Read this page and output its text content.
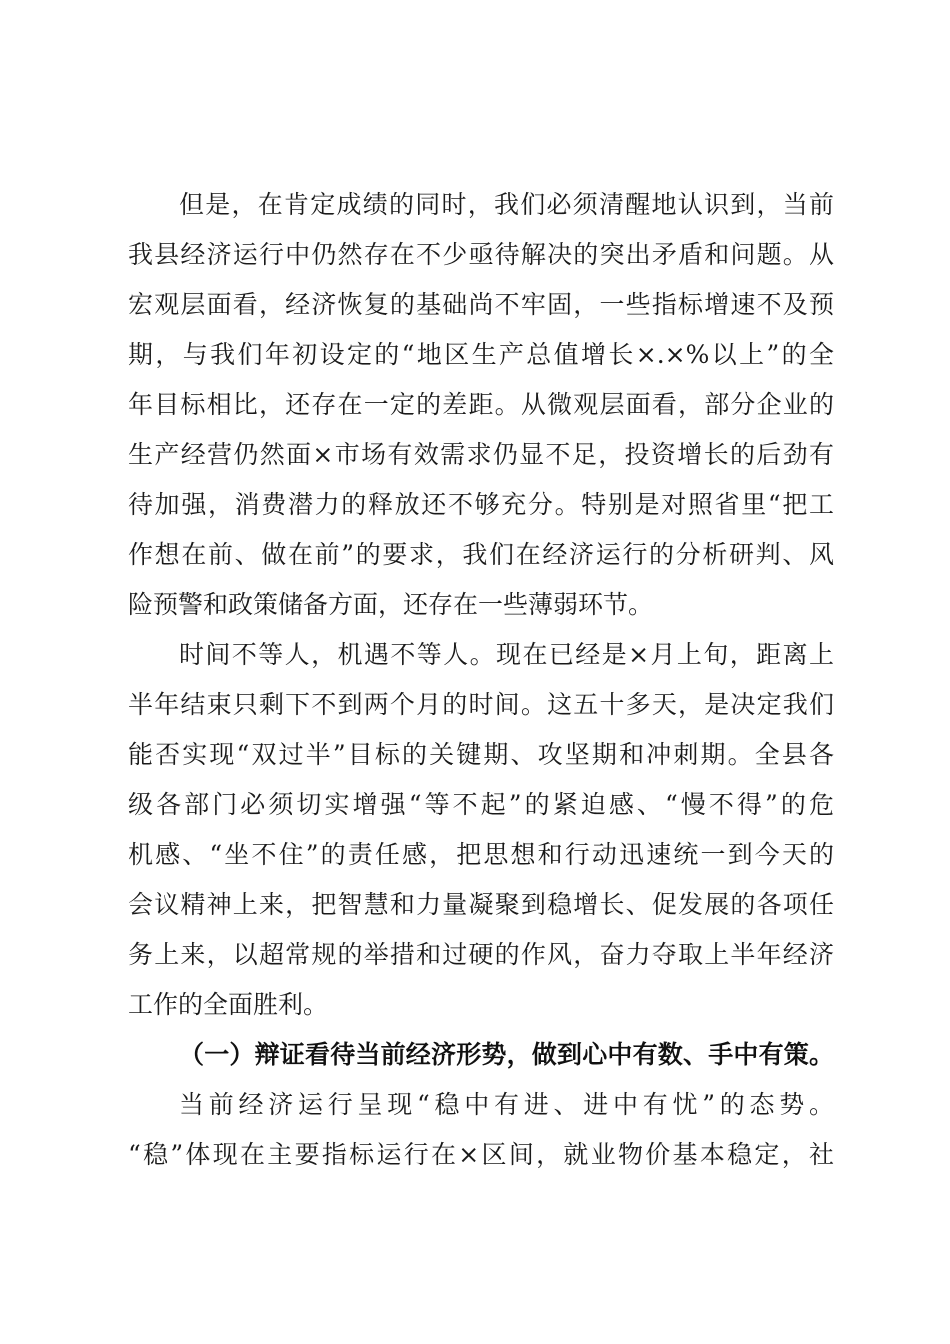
但是，在肯定成绩的同时，我们必须清醒地认识到，当前
我县经济运行中仍然存在不少亟待解决的突出矛盾和问题。从
宏观层面看，经济恢复的基础尚不牢固，一些指标增速不及预
期，与我们年初设定的“地区生产总值增长×.×%以上”的全
年目标相比，还存在一定的差距。从微观层面看，部分企业的
生产经营仍然面×市场有效需求仍显不足，投资增长的后劲有
待加强，消费潜力的释放还不够充分。特别是对照省里“把工
作想在前、做在前”的要求，我们在经济运行的分析研判、风
险预警和政策储备方面，还存在一些薄弱环节。
时间不等人，机遇不等人。现在已经是×月上旬，距离上
半年结束只剩下不到两个月的时间。这五十多天，是决定我们
能否实现“双过半”目标的关键期、攻坚期和冲刺期。全县各
级各部门必须切实增强“等不起”的紧迫感、“慢不得”的危
机感、“坐不住”的责任感，把思想和行动迅速统一到今天的
会议精神上来，把智慧和力量凝聚到稳增长、促发展的各项任
务上来，以超常规的举措和过硬的作风，奋力夺取上半年经济
工作的全面胜利。
（一）辩证看待当前经济形势，做到心中有数、手中有策。
当前经济运行呈现“稳中有进、进中有忧”的态势。
“稳”体现在主要指标运行在×区间，就业物价基本稳定，社
